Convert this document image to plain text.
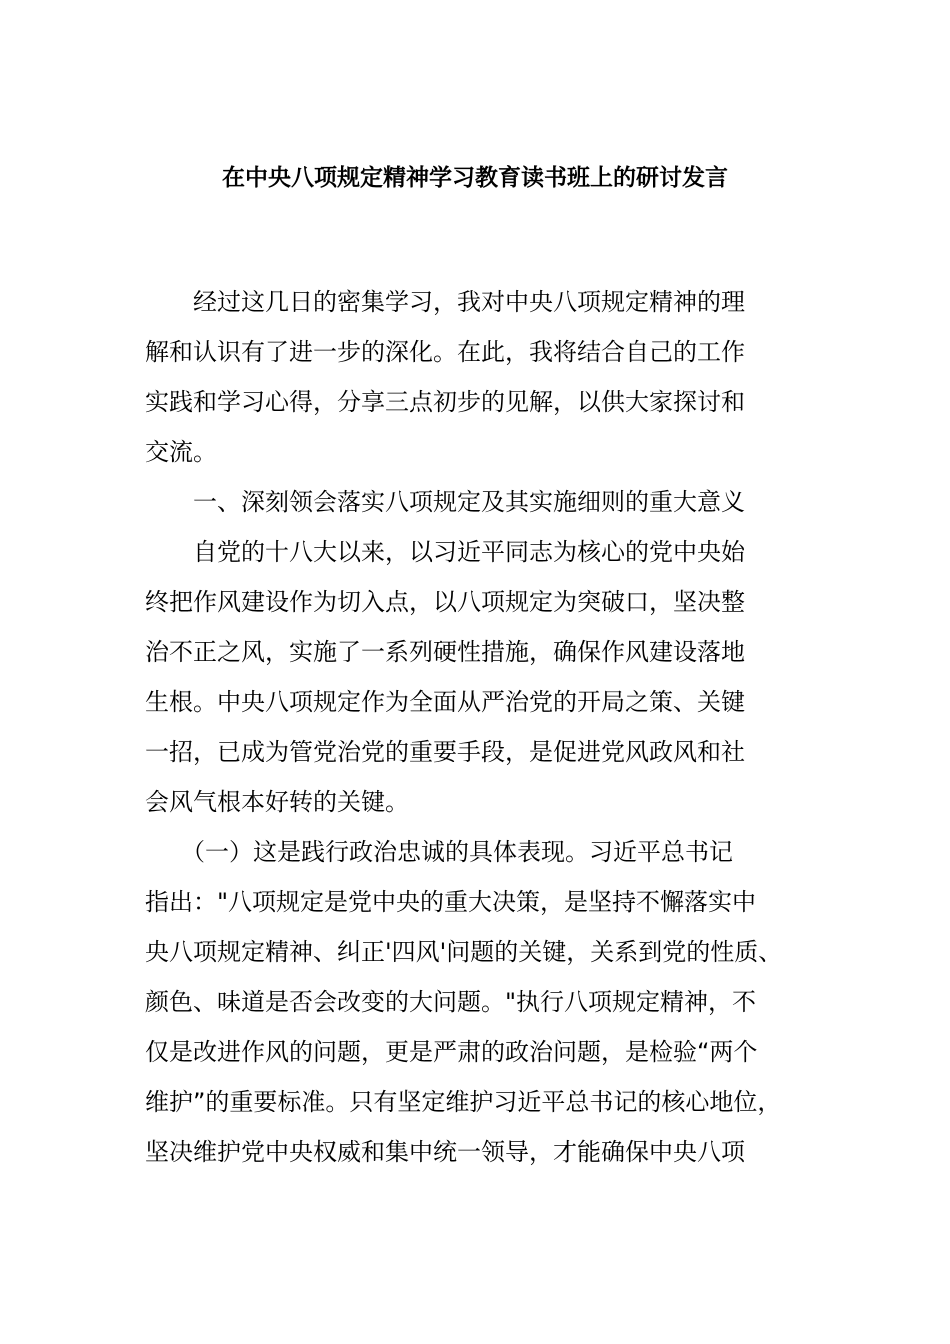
在中央八项规定精神学习教育读书班上的研讨发言
　　经过这几日的密集学习，我对中央八项规定精神的理
解和认识有了进一步的深化。在此，我将结合自己的工作
实践和学习心得，分享三点初步的见解，以供大家探讨和
交流。
　　一、深刻领会落实八项规定及其实施细则的重大意义
　　自党的十八大以来，以习近平同志为核心的党中央始
终把作风建设作为切入点，以八项规定为突破口，坚决整
治不正之风，实施了一系列硬性措施，确保作风建设落地
生根。中央八项规定作为全面从严治党的开局之策、关键
一招，已成为管党治党的重要手段，是促进党风政风和社
会风气根本好转的关键。
　　（一）这是践行政治忠诚的具体表现。习近平总书记
指出："八项规定是党中央的重大决策，是坚持不懈落实中
央八项规定精神、纠正'四风'问题的关键，关系到党的性质、
颜色、味道是否会改变的大问题。"执行八项规定精神，不
仅是改进作风的问题，更是严肃的政治问题，是检验“两个
维护”的重要标准。只有坚定维护习近平总书记的核心地位，
坚决维护党中央权威和集中统一领导，才能确保中央八项
